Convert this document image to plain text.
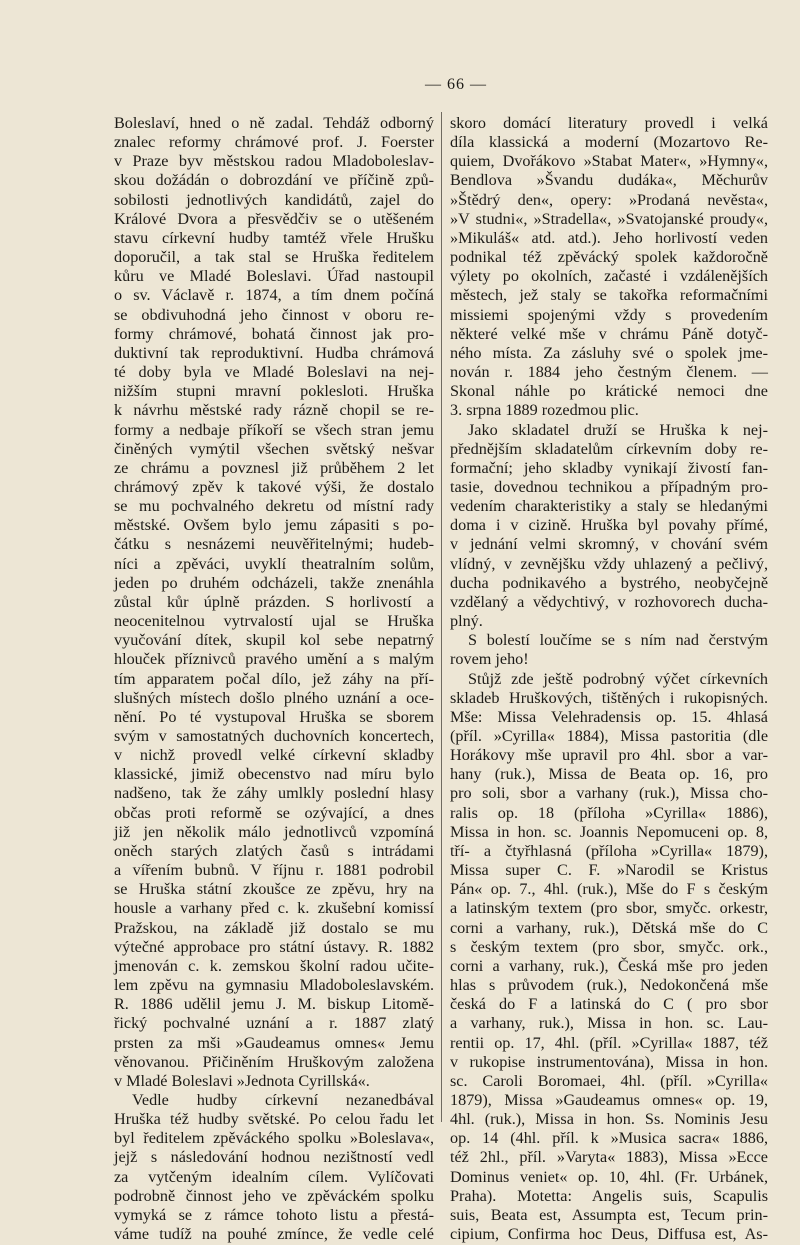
— 66 —
Boleslaví, hned o ně zadal. Tehdáž odborný
znalec reformy chrámové prof. J. Foerster
v Praze byv městskou radou Mladoboleslav-
skou dožádán o dobrozdání ve příčině způ-
sobilosti jednotlivých kandidátů, zajel do
Králové Dvora a přesvědčiv se o utěšeném
stavu církevní hudby tamtéž vřele Hrušku
doporučil, a tak stal se Hruška ředitelem
kůru ve Mladé Boleslavi. Úřad nastoupil
o sv. Václavě r. 1874, a tím dnem počíná
se obdivuhodná jeho činnost v oboru re-
formy chrámové, bohatá činnost jak pro-
duktivní tak reproduktivní. Hudba chrámová
té doby byla ve Mladé Boleslavi na nej-
nižším stupni mravní poklesloti. Hruška
k návrhu městské rady rázně chopil se re-
formy a nedbaje příkoří se všech stran jemu
činěných vymýtil všechen světský nešvar
ze chrámu a povznesl již průběhem 2 let
chrámový zpěv k takové výši, že dostalo
se mu pochvalného dekretu od místní rady
městské. Ovšem bylo jemu zápasiti s po-
čátku s nesnázemi neuvěřitelnými; hudeb-
níci a zpěváci, uvyklí theatralním solům,
jeden po druhém odcházeli, takže znenáhla
zůstal kůr úplně prázden. S horlivostí a
neocenitelnou vytrvalostí ujal se Hruška
vyučování dítek, skupil kol sebe nepatrný
hlouček příznivců pravého umění a s malým
tím apparatem počal dílo, jež záhy na pří-
slušných místech došlo plného uznání a oce-
nění. Po té vystupoval Hruška se sborem
svým v samostatných duchovních koncertech,
v nichž provedl velké církevní skladby
klassické, jimiž obecenstvo nad míru bylo
nadšeno, tak že záhy umlkly poslední hlasy
občas proti reformě se ozývající, a dnes
již jen několik málo jednotlivců vzpomíná
oněch starých zlatých časů s intrádami
a vířením bubnů. V říjnu r. 1881 podrobil
se Hruška státní zkoušce ze zpěvu, hry na
housle a varhany před c. k. zkušební komissí
Pražskou, na základě již dostalo se mu
výtečné approbace pro státní ústavy. R. 1882
jmenován c. k. zemskou školní radou učite-
lem zpěvu na gymnasiu Mladoboleslavském.
R. 1886 udělil jemu J. M. biskup Litomě-
řický pochvalné uznání a r. 1887 zlatý
prsten za mši »Gaudeamus omnes« Jemu
věnovanou. Přičiněním Hruškovým založena
v Mladé Boleslavi »Jednota Cyrillská«.
Vedle hudby církevní nezanedbával
Hruška též hudby světské. Po celou řadu let
byl ředitelem zpěváckého spolku »Boleslava«,
jejž s následování hodnou nezištností vedl
za vytčeným idealním cílem. Vylíčovati
podrobně činnost jeho ve zpěváckém spolku
vymyká se z rámce tohoto listu a přestá-
váme tudíž na pouhé zmínce, že vedle celé
skoro domácí literatury provedl i velká
díla klassická a moderní (Mozartovo Re-
quiem, Dvořákovo »Stabat Mater«, »Hymny«,
Bendlova »Švandu dudáka«, Měchurův
»Štědrý den«, opery: »Prodaná nevěsta«,
»V studni«, »Stradella«, »Svatojanské proudy«,
»Mikuláš« atd. atd.). Jeho horlivostí veden
podnikal též zpěvácký spolek každoročně
výlety po okolních, začasté i vzdálenějších
městech, jež staly se takořka reformačními
missiemi spojenými vždy s provedením
některé velké mše v chrámu Páně dotyč-
ného místa. Za zásluhy své o spolek jme-
nován r. 1884 jeho čestným členem. —
Skonal náhle po krátické nemoci dne
3. srpna 1889 rozedmou plic.
Jako skladatel druží se Hruška k nej-
přednějším skladatelům církevním doby re-
formační; jeho skladby vynikají živostí fan-
tasie, dovednou technikou a případným pro-
vedením charakteristiky a staly se hledanými
doma i v cizině. Hruška byl povahy přímé,
v jednání velmi skromný, v chování svém
vlídný, v zevnějšku vždy uhlazený a pečlivý,
ducha podnikavého a bystrého, neobyčejně
vzdělaný a vědychtivý, v rozhovorech ducha-
plný.
S bolestí loučíme se s ním nad čerstvým
rovem jeho!
Stůjž zde ještě podrobný výčet církevních
skladeb Hruškových, tištěných i rukopisných.
Mše: Missa Velehradensis op. 15. 4hlasá
(příl. »Cyrilla« 1884), Missa pastoritia (dle
Horákovy mše upravil pro 4hl. sbor a var-
hany (ruk.), Missa de Beata op. 16, pro
pro soli, sbor a varhany (ruk.), Missa cho-
ralis op. 18 (příloha »Cyrilla« 1886),
Missa in hon. sc. Joannis Nepomuceni op. 8,
tří- a čtyřhlasná (příloha »Cyrilla« 1879),
Missa super C. F. »Narodil se Kristus
Pán« op. 7., 4hl. (ruk.), Mše do F s českým
a latinským textem (pro sbor, smyčc. orkestr,
corni a varhany, ruk.), Dětská mše do C
s českým textem (pro sbor, smyčc. ork.,
corni a varhany, ruk.), Česká mše pro jeden
hlas s průvodem (ruk.), Nedokončená mše
česká do F a latinská do C ( pro sbor
a varhany, ruk.), Missa in hon. sc. Lau-
rentii op. 17, 4hl. (příl. »Cyrilla« 1887, též
v rukopise instrumentována), Missa in hon.
sc. Caroli Boromaei, 4hl. (příl. »Cyrilla«
1879), Missa »Gaudeamus omnes« op. 19,
4hl. (ruk.), Missa in hon. Ss. Nominis Jesu
op. 14 (4hl. příl. k »Musica sacra« 1886,
též 2hl., příl. »Varyta« 1883), Missa »Ecce
Dominus veniet« op. 10, 4hl. (Fr. Urbánek,
Praha). Motetta: Angelis suis, Scapulis
suis, Beata est, Assumpta est, Tecum prin-
cipium, Confirma hoc Deus, Diffusa est, As-
